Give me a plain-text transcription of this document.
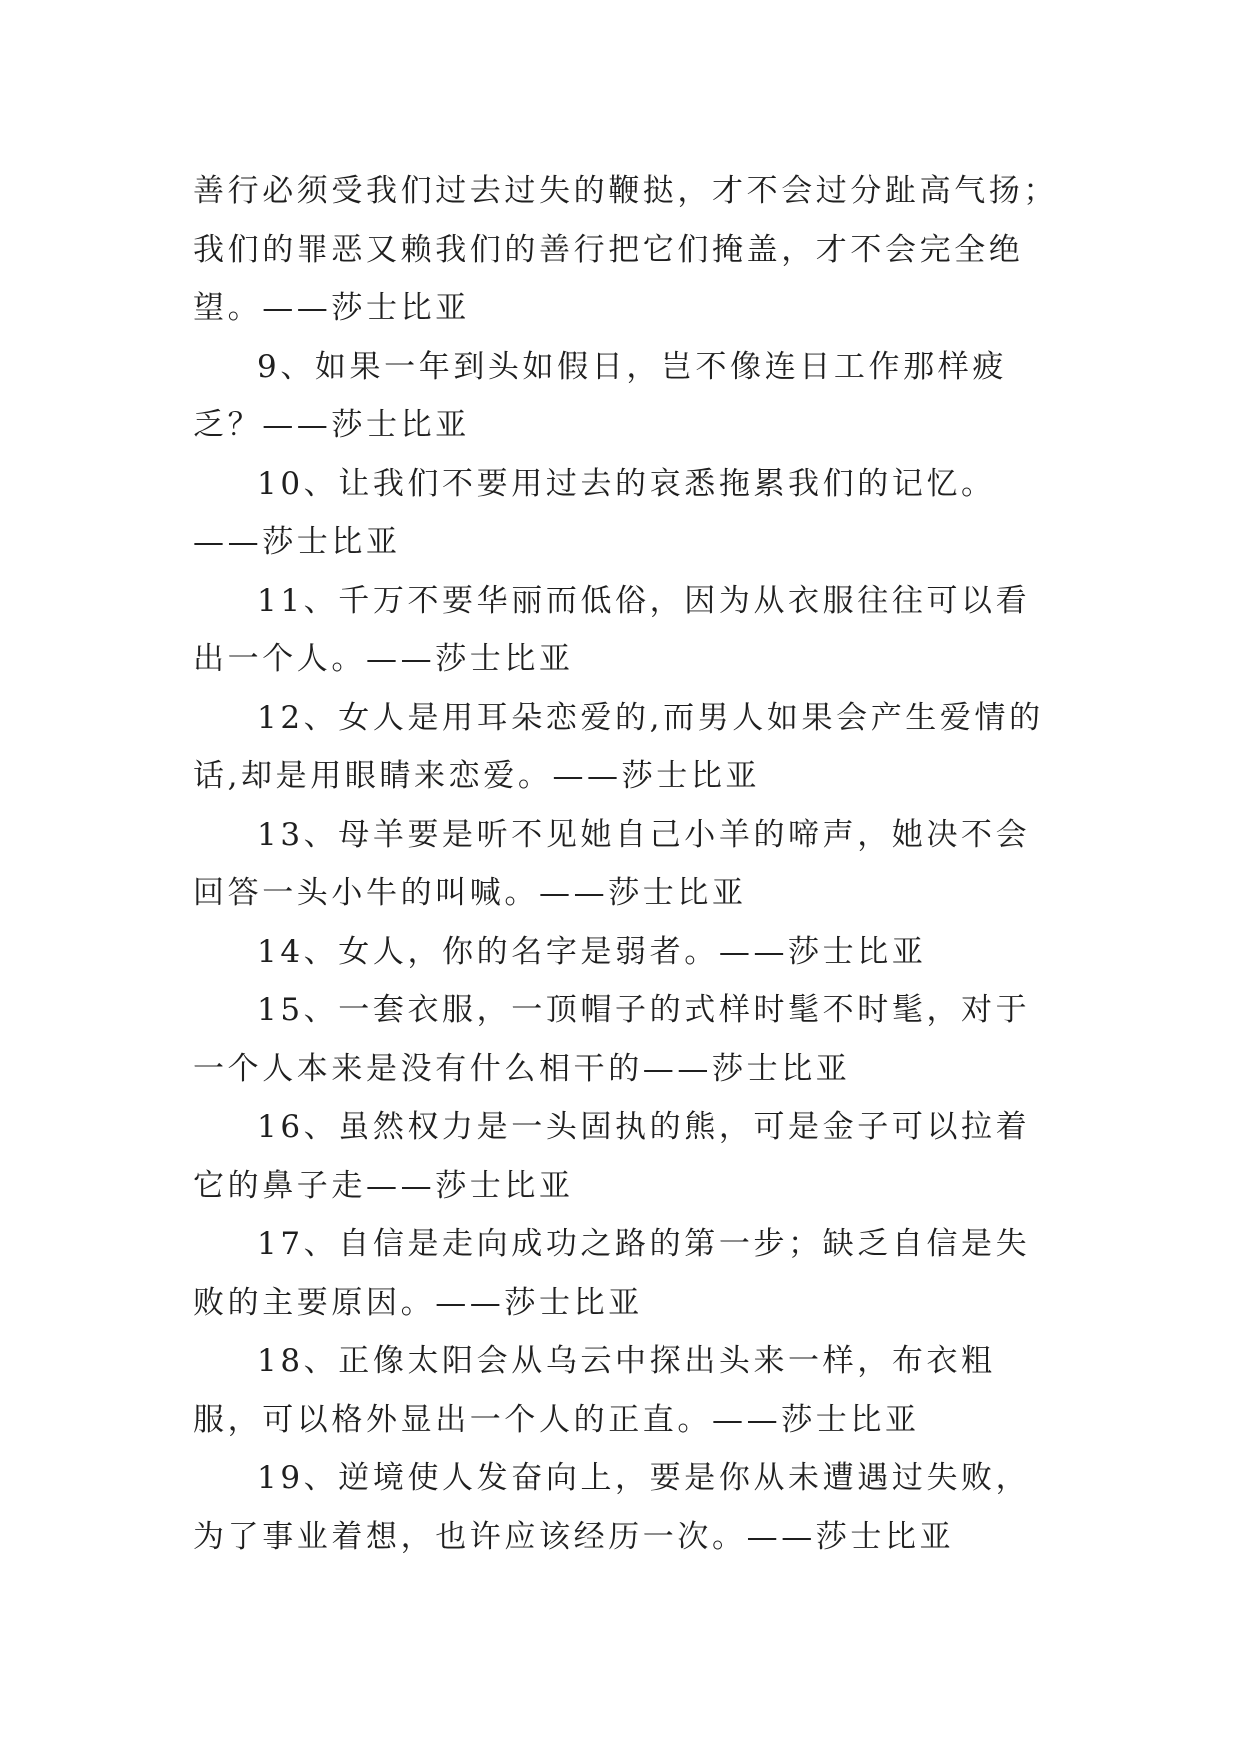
善行必须受我们过去过失的鞭挞，才不会过分趾高气扬；我们的罪恶又赖我们的善行把它们掩盖，才不会完全绝望。——莎士比亚

9、如果一年到头如假日，岂不像连日工作那样疲乏？——莎士比亚

10、让我们不要用过去的哀悉拖累我们的记忆。——莎士比亚

11、千万不要华丽而低俗，因为从衣服往往可以看出一个人。——莎士比亚

12、女人是用耳朵恋爱的,而男人如果会产生爱情的话,却是用眼睛来恋爱。——莎士比亚

13、母羊要是听不见她自己小羊的啼声，她决不会回答一头小牛的叫喊。——莎士比亚

14、女人，你的名字是弱者。——莎士比亚

15、一套衣服，一顶帽子的式样时髦不时髦，对于一个人本来是没有什么相干的——莎士比亚

16、虽然权力是一头固执的熊，可是金子可以拉着它的鼻子走——莎士比亚

17、自信是走向成功之路的第一步；缺乏自信是失败的主要原因。——莎士比亚

18、正像太阳会从乌云中探出头来一样，布衣粗服，可以格外显出一个人的正直。——莎士比亚

19、逆境使人发奋向上，要是你从未遭遇过失败，为了事业着想，也许应该经历一次。——莎士比亚
